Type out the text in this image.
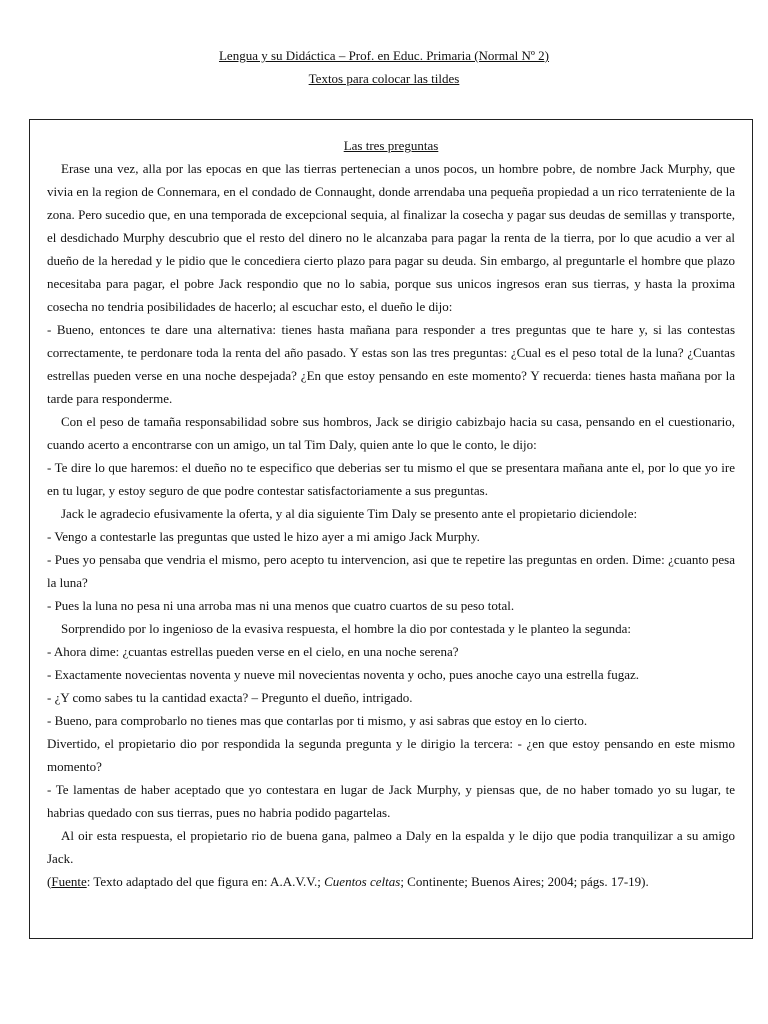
Lengua y su Didáctica – Prof. en Educ. Primaria (Normal Nº 2)
Textos para colocar las tildes
Las tres preguntas

Erase una vez, alla por las epocas en que las tierras pertenecian a unos pocos, un hombre pobre, de nombre Jack Murphy, que vivia en la region de Connemara, en el condado de Connaught, donde arrendaba una pequeña propiedad a un rico terrateniente de la zona. Pero sucedio que, en una temporada de excepcional sequia, al finalizar la cosecha y pagar sus deudas de semillas y transporte, el desdichado Murphy descubrio que el resto del dinero no le alcanzaba para pagar la renta de la tierra, por lo que acudio a ver al dueño de la heredad y le pidio que le concediera cierto plazo para pagar su deuda. Sin embargo, al preguntarle el hombre que plazo necesitaba para pagar, el pobre Jack respondio que no lo sabia, porque sus unicos ingresos eran sus tierras, y hasta la proxima cosecha no tendria posibilidades de hacerlo; al escuchar esto, el dueño le dijo:

- Bueno, entonces te dare una alternativa: tienes hasta mañana para responder a tres preguntas que te hare y, si las contestas correctamente, te perdonare toda la renta del año pasado. Y estas son las tres preguntas: ¿Cual es el peso total de la luna? ¿Cuantas estrellas pueden verse en una noche despejada? ¿En que estoy pensando en este momento? Y recuerda: tienes hasta mañana por la tarde para responderme.

Con el peso de tamaña responsabilidad sobre sus hombros, Jack se dirigio cabizbajo hacia su casa, pensando en el cuestionario, cuando acerto a encontrarse con un amigo, un tal Tim Daly, quien ante lo que le conto, le dijo:

- Te dire lo que haremos: el dueño no te especifico que deberias ser tu mismo el que se presentara mañana ante el, por lo que yo ire en tu lugar, y estoy seguro de que podre contestar satisfactoriamente a sus preguntas.

Jack le agradecio efusivamente la oferta, y al dia siguiente Tim Daly se presento ante el propietario diciendole:

- Vengo a contestarle las preguntas que usted le hizo ayer a mi amigo Jack Murphy.

- Pues yo pensaba que vendria el mismo, pero acepto tu intervencion, asi que te repetire las preguntas en orden. Dime: ¿cuanto pesa la luna?

- Pues la luna no pesa ni una arroba mas ni una menos que cuatro cuartos de su peso total.

Sorprendido por lo ingenioso de la evasiva respuesta, el hombre la dio por contestada y le planteo la segunda:

- Ahora dime: ¿cuantas estrellas pueden verse en el cielo, en una noche serena?

- Exactamente novecientas noventa y nueve mil novecientas noventa y ocho, pues anoche cayo una estrella fugaz.

- ¿Y como sabes tu la cantidad exacta? – Pregunto el dueño, intrigado.

- Bueno, para comprobarlo no tienes mas que contarlas por ti mismo, y asi sabras que estoy en lo cierto.

Divertido, el propietario dio por respondida la segunda pregunta y le dirigio la tercera: - ¿en que estoy pensando en este mismo momento?

- Te lamentas de haber aceptado que yo contestara en lugar de Jack Murphy, y piensas que, de no haber tomado yo su lugar, te habrias quedado con sus tierras, pues no habria podido pagartelas.

Al oir esta respuesta, el propietario rio de buena gana, palmeo a Daly en la espalda y le dijo que podia tranquilizar a su amigo Jack.

(Fuente: Texto adaptado del que figura en: A.A.V.V.; Cuentos celtas; Continente; Buenos Aires; 2004; págs. 17-19).
